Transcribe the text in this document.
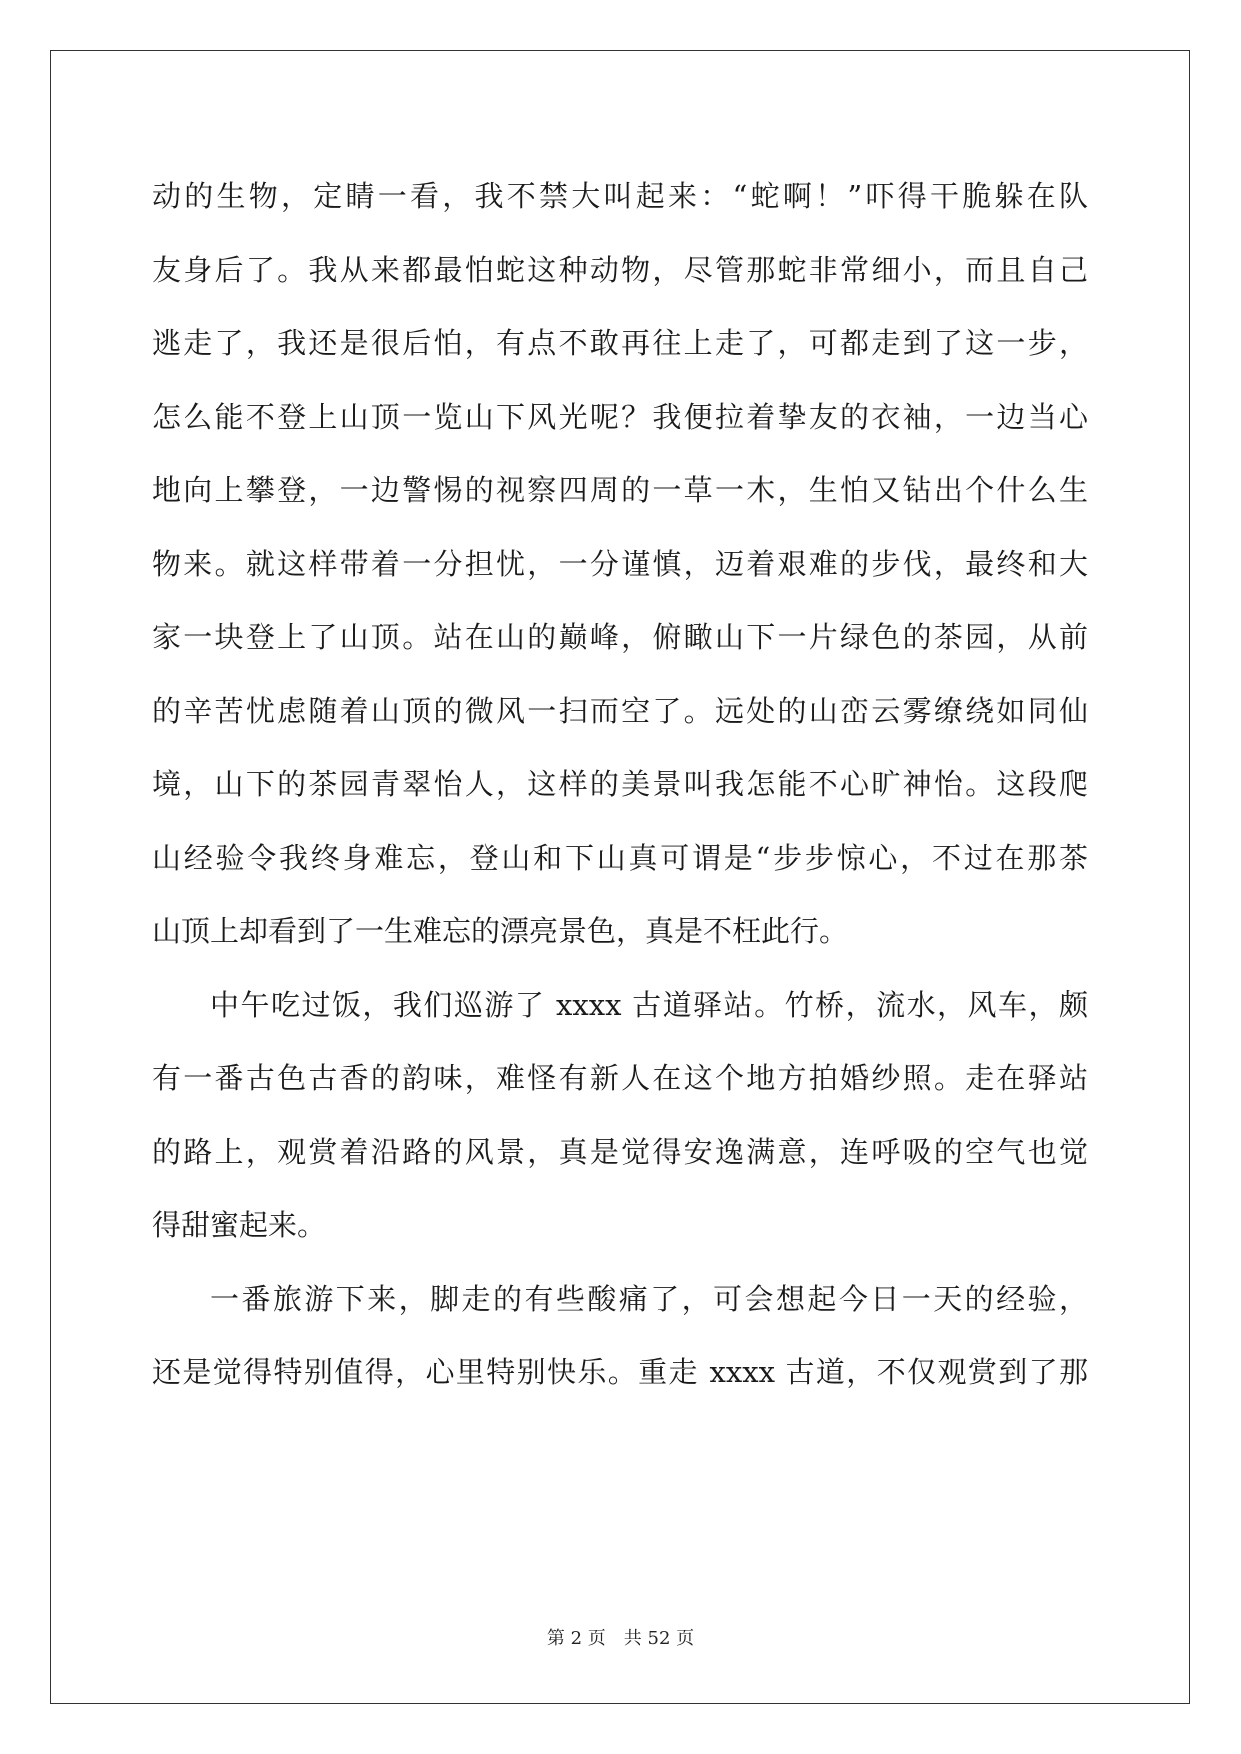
动的生物，定睛一看，我不禁大叫起来：“蛇啊！”吓得干脆躲在队
友身后了。我从来都最怕蛇这种动物，尽管那蛇非常细小，而且自己
逃走了，我还是很后怕，有点不敢再往上走了，可都走到了这一步，
怎么能不登上山顶一览山下风光呢？我便拉着挚友的衣袖，一边当心
地向上攀登，一边警惕的视察四周的一草一木，生怕又钻出个什么生
物来。就这样带着一分担忧，一分谨慎，迈着艰难的步伐，最终和大
家一块登上了山顶。站在山的巅峰，俯瞰山下一片绿色的茶园，从前
的辛苦忧虑随着山顶的微风一扫而空了。远处的山峦云雾缭绕如同仙
境，山下的茶园青翠怡人，这样的美景叫我怎能不心旷神怡。这段爬
山经验令我终身难忘，登山和下山真可谓是“步步惊心，不过在那茶
山顶上却看到了一生难忘的漂亮景色，真是不枉此行。
中午吃过饭，我们巡游了 xxxx 古道驿站。竹桥，流水，风车，颇
有一番古色古香的韵味，难怪有新人在这个地方拍婚纱照。走在驿站
的路上，观赏着沿路的风景，真是觉得安逸满意，连呼吸的空气也觉
得甜蜜起来。
一番旅游下来，脚走的有些酸痛了，可会想起今日一天的经验，
还是觉得特别值得，心里特别快乐。重走 xxxx 古道，不仅观赏到了那
第 2 页 共 52 页
